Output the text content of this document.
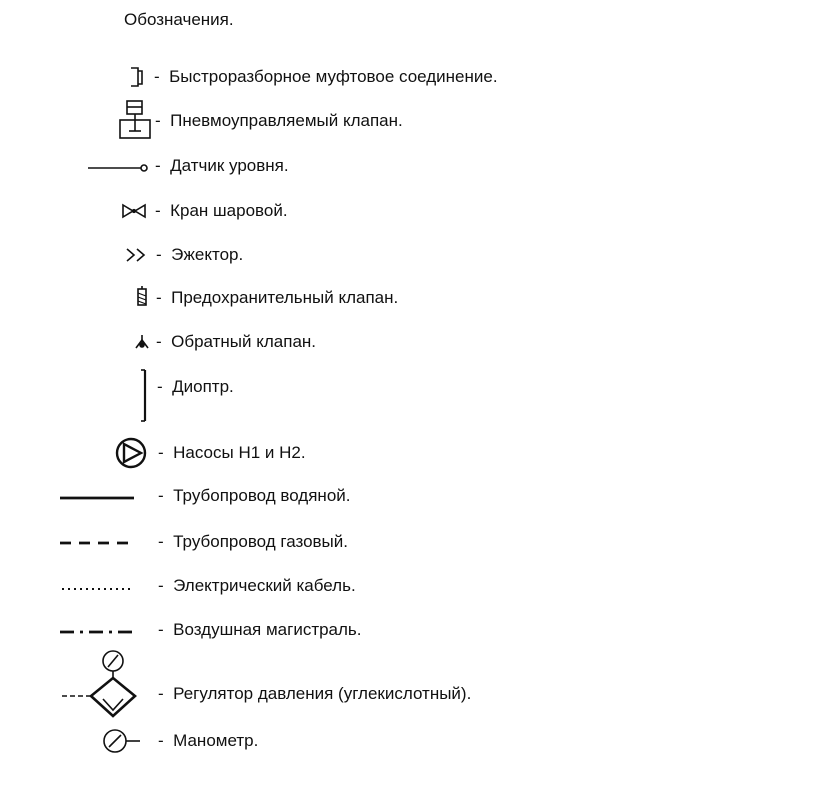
Обозначения.
- Быстроразборное муфтовое соединение.
- Пневмоуправляемый клапан.
- Датчик уровня.
- Кран шаровой.
- Эжектор.
- Предохранительный клапан.
- Обратный клапан.
- Диоптр.
- Насосы Н1 и Н2.
- Трубопровод водяной.
- Трубопровод газовый.
- Электрический кабель.
- Воздушная магистраль.
- Регулятор давления (углекислотный).
- Манометр.
